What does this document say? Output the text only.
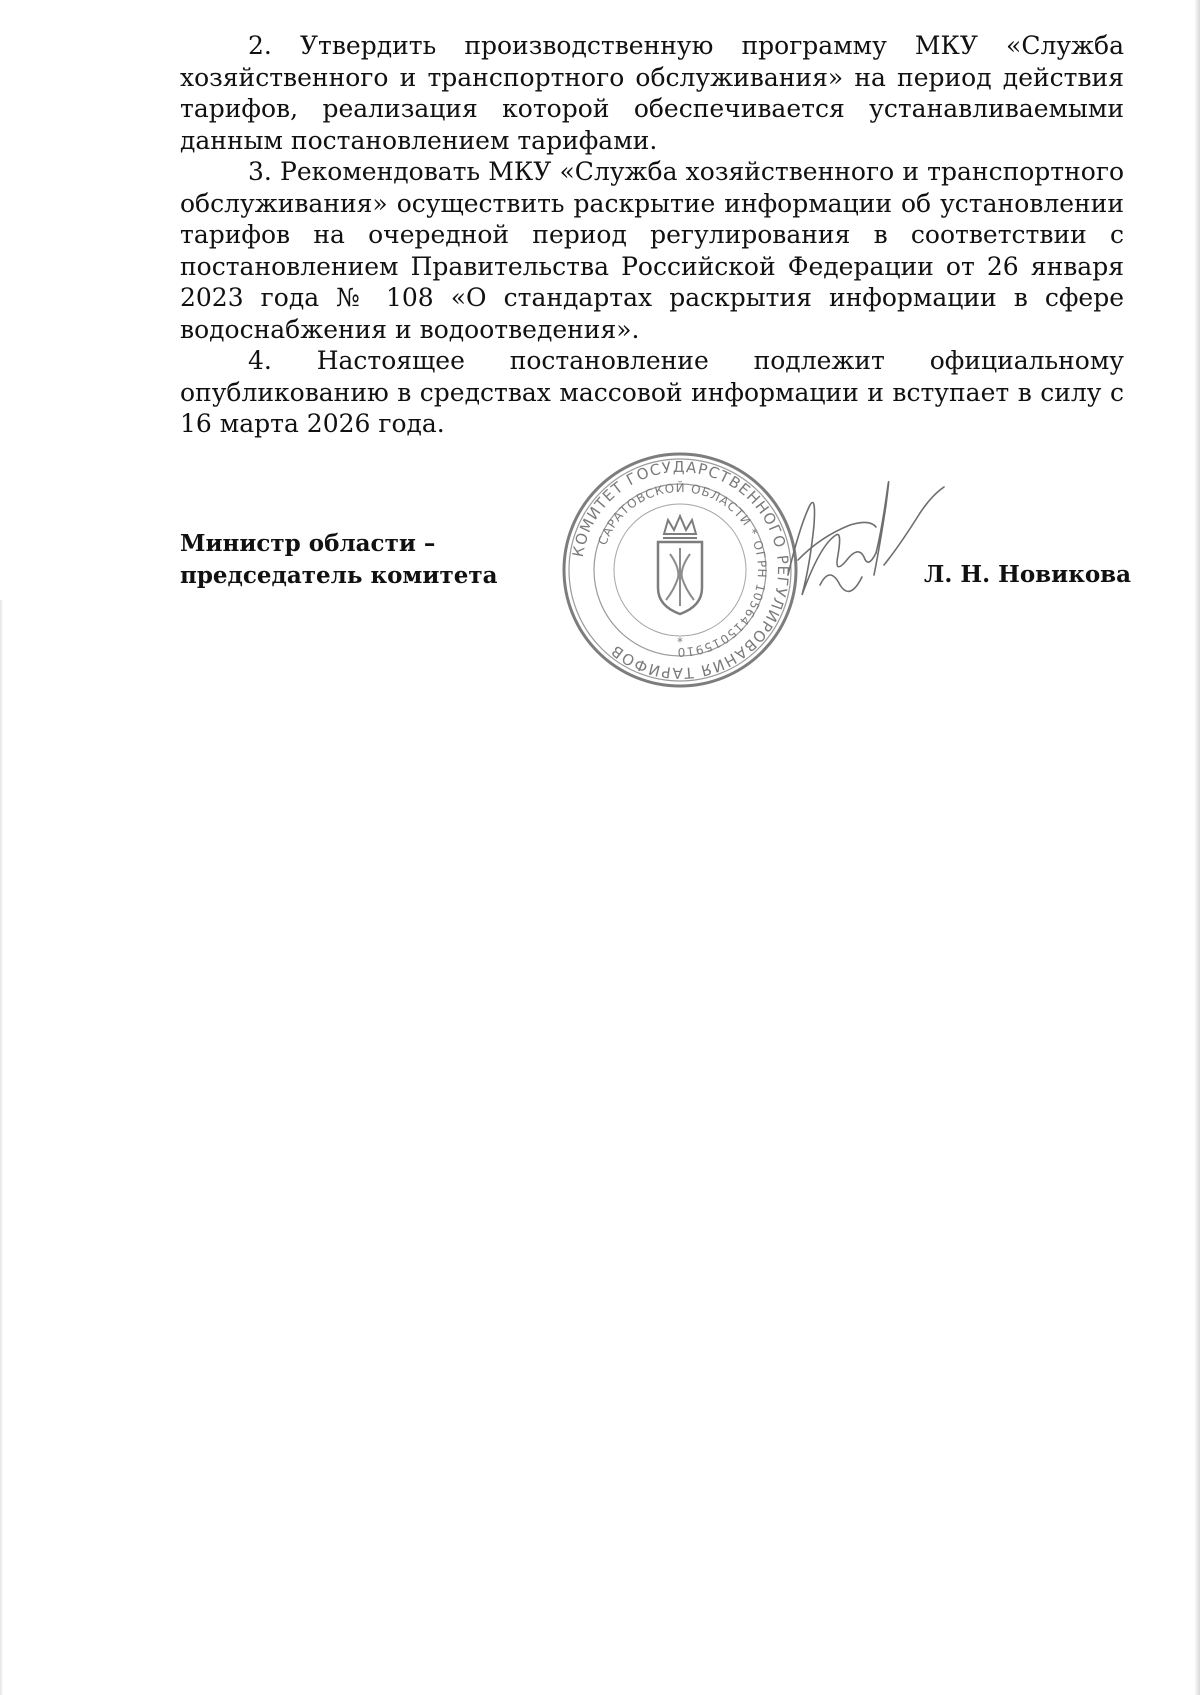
2. Утвердить производственную программу МКУ «Служба хозяйственного и транспортного обслуживания» на период действия тарифов, реализация которой обеспечивается устанавливаемыми данным постановлением тарифами.

3. Рекомендовать МКУ «Служба хозяйственного и транспортного обслуживания» осуществить раскрытие информации об установлении тарифов на очередной период регулирования в соответствии с постановлением Правительства Российской Федерации от 26 января 2023 года № 108 «О стандартах раскрытия информации в сфере водоснабжения и водоотведения».

4. Настоящее постановление подлежит официальному опубликованию в средствах массовой информации и вступает в силу с 16 марта 2026 года.

Министр области –
председатель комитета
КОМИТЕТ ГОСУДАРСТВЕННОГО РЕГУЛИРОВАНИЯ ТАРИФОВ
САРАТОВСКОЙ ОБЛАСТИ * ОГРН 1056415015910
*
Л. Н. Новикова
